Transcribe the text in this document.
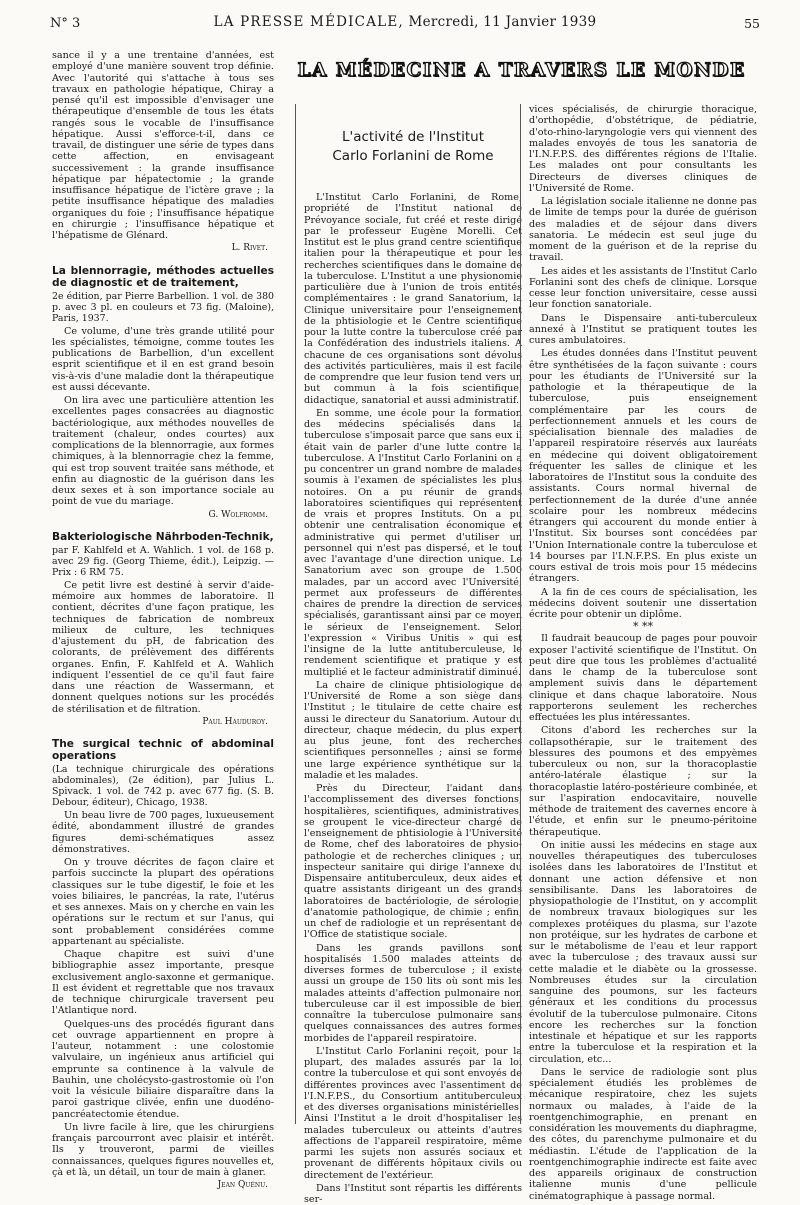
N° 3	LA PRESSE MÉDICALE, Mercredi, 11 Janvier 1939	55

sance il y a une trentaine d'années, est employé d'une manière souvent trop définie. Avec l'autorité qui s'attache à tous ses travaux en pathologie hépatique, Chiray a pensé qu'il est impossible d'envisager une thérapeutique d'ensemble de tous les états rangés sous le vocable de l'insuffisance hépatique. Aussi s'efforce-t-il, dans ce travail, de distinguer une série de types dans cette affection, en envisageant successivement : la grande insuffisance hépatique par hépatectomie ; la grande insuffisance hépatique de l'ictère grave ; la petite insuffisance hépatique des maladies organiques du foie ; l'insuffisance hépatique en chirurgie ; l'insuffisance hépatique et l'hépatisme de Glénard.

L. Rivet.

La blennorragie, méthodes actuelles de diagnostic et de traitement,

2e édition, par Pierre Barbellion. 1 vol. de 380 p. avec 3 pl. en couleurs et 73 fig. (Maloine), Paris, 1937.

Ce volume, d'une très grande utilité pour les spécialistes, témoigne, comme toutes les publications de Barbellion, d'un excellent esprit scientifique et il en est grand besoin vis-à-vis d'une maladie dont la thérapeutique est aussi décevante.

On lira avec une particulière attention les excellentes pages consacrées au diagnostic bactériologique, aux méthodes nouvelles de traitement (chaleur, ondes courtes) aux complications de la blennorragie, aux formes chimiques, à la blennorragie chez la femme, qui est trop souvent traitée sans méthode, et enfin au diagnostic de la guérison dans les deux sexes et à son importance sociale au point de vue du mariage.

G. Wolfromm.

Bakteriologische Nährboden-Technik,

par F. Kahlfeld et A. Wahlich. 1 vol. de 168 p. avec 29 fig. (Georg Thieme, édit.), Leipzig. — Prix : 6 RM 75.

Ce petit livre est destiné à servir d'aide-mémoire aux hommes de laboratoire. Il contient, décrites d'une façon pratique, les techniques de fabrication de nombreux milieux de culture, les techniques d'ajustement du pH, de fabrication des colorants, de prélèvement des différents organes. Enfin, F. Kahlfeld et A. Wahlich indiquent l'essentiel de ce qu'il faut faire dans une réaction de Wassermann, et donnent quelques notions sur les procédés de stérilisation et de filtration.

Paul Hauduroy.

The surgical technic of abdominal operations

(La technique chirurgicale des opérations abdominales), (2e édition), par Julius L. Spivack. 1 vol. de 742 p. avec 677 fig. (S. B. Debour, éditeur), Chicago, 1938.

Un beau livre de 700 pages, luxueusement édité, abondamment illustré de grandes figures demi-schématiques assez démonstratives.

On y trouve décrites de façon claire et parfois succincte la plupart des opérations classiques sur le tube digestif, le foie et les voies biliaires, le pancréas, la rate, l'utérus et ses annexes. Mais on y cherche en vain les opérations sur le rectum et sur l'anus, qui sont probablement considérées comme appartenant au spécialiste.

Chaque chapitre est suivi d'une bibliographie assez importante, presque exclusivement anglo-saxonne et germanique. Il est évident et regrettable que nos travaux de technique chirurgicale traversent peu l'Atlantique nord.

Quelques-uns des procédés figurant dans cet ouvrage appartiennent en propre à l'auteur, notamment : une colostomie valvulaire, un ingénieux anus artificiel qui emprunte sa continence à la valvule de Bauhin, une cholécysto-gastrostomie où l'on voit la vésicule biliaire disparaître dans la paroi gastrique clivée, enfin une duodéno-pancréatectomie étendue.

Un livre facile à lire, que les chirurgiens français parcourront avec plaisir et intérêt. Ils y trouveront, parmi de vieilles connaissances, quelques figures nouvelles et, çà et là, un détail, un tour de main à glaner.

Jean Quénu.

LA MÉDECINE A TRAVERS LE MONDE
L'activité de l'Institut
Carlo Forlanini de Rome

L'Institut Carlo Forlanini, de Rome, propriété de l'Institut national de Prévoyance sociale, fut créé et reste dirigé par le professeur Eugène Morelli. Cet Institut est le plus grand centre scientifique italien pour la thérapeutique et pour les recherches scientifiques dans le domaine de la tuberculose. L'Institut a une physionomie particulière due à l'union de trois entités complémentaires : le grand Sanatorium, la Clinique universitaire pour l'enseignement de la phtisiologie et le Centre scientifique pour la lutte contre la tuberculose créé par la Confédération des industriels italiens. A chacune de ces organisations sont dévolus des activités particulières, mais il est facile de comprendre que leur fusion tend vers un but commun à la fois scientifique, didactique, sanatorial et aussi administratif.

En somme, une école pour la formation des médecins spécialisés dans la tuberculose s'imposait parce que sans eux il était vain de parler d'une lutte contre la tuberculose. A l'Institut Carlo Forlanini on a pu concentrer un grand nombre de malades soumis à l'examen de spécialistes les plus notoires. On a pu réunir de grands laboratoires scientifiques qui représentent de vrais et propres Instituts. On a pu obtenir une centralisation économique et administrative qui permet d'utiliser un personnel qui n'est pas dispersé, et le tout avec l'avantage d'une direction unique. Le Sanatorium avec son groupe de 1.500 malades, par un accord avec l'Université, permet aux professeurs de différentes chaires de prendre la direction de services spécialisés, garantissant ainsi par ce moyen le sérieux de l'enseignement. Selon l'expression « Viribus Unitis » qui est l'insigne de la lutte antituberculeuse, le rendement scientifique et pratique y est multiplié et le facteur administratif diminué.

La chaire de clinique phtisiologique de l'Université de Rome a son siège dans l'Institut ; le titulaire de cette chaire est aussi le directeur du Sanatorium. Autour du directeur, chaque médecin, du plus expert au plus jeune, font des recherches scientifiques personnelles ; ainsi se forme une large expérience synthétique sur la maladie et les malades.

Près du Directeur, l'aidant dans l'accomplissement des diverses fonctions, hospitalières, scientifiques, administratives, se groupent le vice-directeur chargé de l'enseignement de phtisiologie à l'Université de Rome, chef des laboratoires de physio-pathologie et de recherches cliniques ; un inspecteur sanitaire qui dirige l'annexe du Dispensaire antituberculeux, deux aides et quatre assistants dirigeant un des grands laboratoires de bactériologie, de sérologie, d'anatomie pathologique, de chimie ; enfin, un chef de radiologie et un représentant de l'Office de statistique sociale.

Dans les grands pavillons sont hospitalisés 1.500 malades atteints de diverses formes de tuberculose ; il existe aussi un groupe de 150 lits où sont mis les malades atteints d'affection pulmonaire non tuberculeuse car il est impossible de bien connaître la tuberculose pulmonaire sans quelques connaissances des autres formes morbides de l'appareil respiratoire.

L'Institut Carlo Forlanini reçoit, pour la plupart, des malades assurés par la loi contre la tuberculose et qui sont envoyés de différentes provinces avec l'assentiment de l'I.N.F.P.S., du Consortium antituberculeux et des diverses organisations ministérielles. Ainsi l'Institut a le droit d'hospitaliser les malades tuberculeux ou atteints d'autres affections de l'appareil respiratoire, même parmi les sujets non assurés sociaux et provenant de différents hôpitaux civils ou directement de l'extérieur.

Dans l'Institut sont répartis les différents ser-

vices spécialisés, de chirurgie thoracique, d'orthopédie, d'obstétrique, de pédiatrie, d'oto-rhino-laryngologie vers qui viennent des malades envoyés de tous les sanatoria de l'I.N.F.P.S. des différentes régions de l'Italie. Les malades ont pour consultants les Directeurs de diverses cliniques de l'Université de Rome.

La législation sociale italienne ne donne pas de limite de temps pour la durée de guérison des maladies et de séjour dans divers sanatoria. Le médecin est seul juge du moment de la guérison et de la reprise du travail.

Les aides et les assistants de l'Institut Carlo Forlanini sont des chefs de clinique. Lorsque cesse leur fonction universitaire, cesse aussi leur fonction sanatoriale.

Dans le Dispensaire anti-tuberculeux annexé à l'Institut se pratiquent toutes les cures ambulatoires.

Les études données dans l'Institut peuvent être synthétisées de la façon suivante : cours pour les étudiants de l'Université sur la pathologie et la thérapeutique de la tuberculose, puis enseignement complémentaire par les cours de perfectionnement annuels et les cours de spécialisation biennale des maladies de l'appareil respiratoire réservés aux lauréats en médecine qui doivent obligatoirement fréquenter les salles de clinique et les laboratoires de l'Institut sous la conduite des assistants. Cours normal hivernal de perfectionnement de la durée d'une année scolaire pour les nombreux médecins étrangers qui accourent du monde entier à l'Institut. Six bourses sont concédées par l'Union Internationale contre la tuberculose et 14 bourses par l'I.N.F.P.S. En plus existe un cours estival de trois mois pour 15 médecins étrangers.

A la fin de ces cours de spécialisation, les médecins doivent soutenir une dissertation écrite pour obtenir un diplôme.

* **

Il faudrait beaucoup de pages pour pouvoir exposer l'activité scientifique de l'Institut. On peut dire que tous les problèmes d'actualité dans le champ de la tuberculose sont amplement suivis dans le département clinique et dans chaque laboratoire. Nous rapporterons seulement les recherches effectuées les plus intéressantes.

Citons d'abord les recherches sur la collapsothérapie, sur le traitement des blessures des poumons et des empyèmes tuberculeux ou non, sur la thoracoplastie antéro-latérale élastique ; sur la thoracoplastie latéro-postérieure combinée, et sur l'aspiration endocavitaire, nouvelle méthode de traitement des cavernes encore à l'étude, et enfin sur le pneumo-péritoine thérapeutique.

On initie aussi les médecins en stage aux nouvelles thérapeutiques des tuberculoses isolées dans les laboratoires de l'Institut et donnant une action défensive et non sensibilisante. Dans les laboratoires de physiopathologie de l'Institut, on y accomplit de nombreux travaux biologiques sur les complexes protéiques du plasma, sur l'azote non protéique, sur les hydrates de carbone et sur le métabolisme de l'eau et leur rapport avec la tuberculose ; des travaux aussi sur cette maladie et le diabète ou la grossesse. Nombreuses études sur la circulation sanguine des poumons, sur les facteurs généraux et les conditions du processus évolutif de la tuberculose pulmonaire. Citons encore les recherches sur la fonction intestinale et hépatique et sur les rapports entre la tuberculose et la respiration et la circulation, etc...

Dans le service de radiologie sont plus spécialement étudiés les problèmes de mécanique respiratoire, chez les sujets normaux ou malades, à l'aide de la roentgenchimographie, en prenant en considération les mouvements du diaphragme, des côtes, du parenchyme pulmonaire et du médiastin. L'étude de l'application de la roentgenchimographie indirecte est faite avec des appareils originaux de construction italienne munis d'une pellicule cinématographique à passage normal.
